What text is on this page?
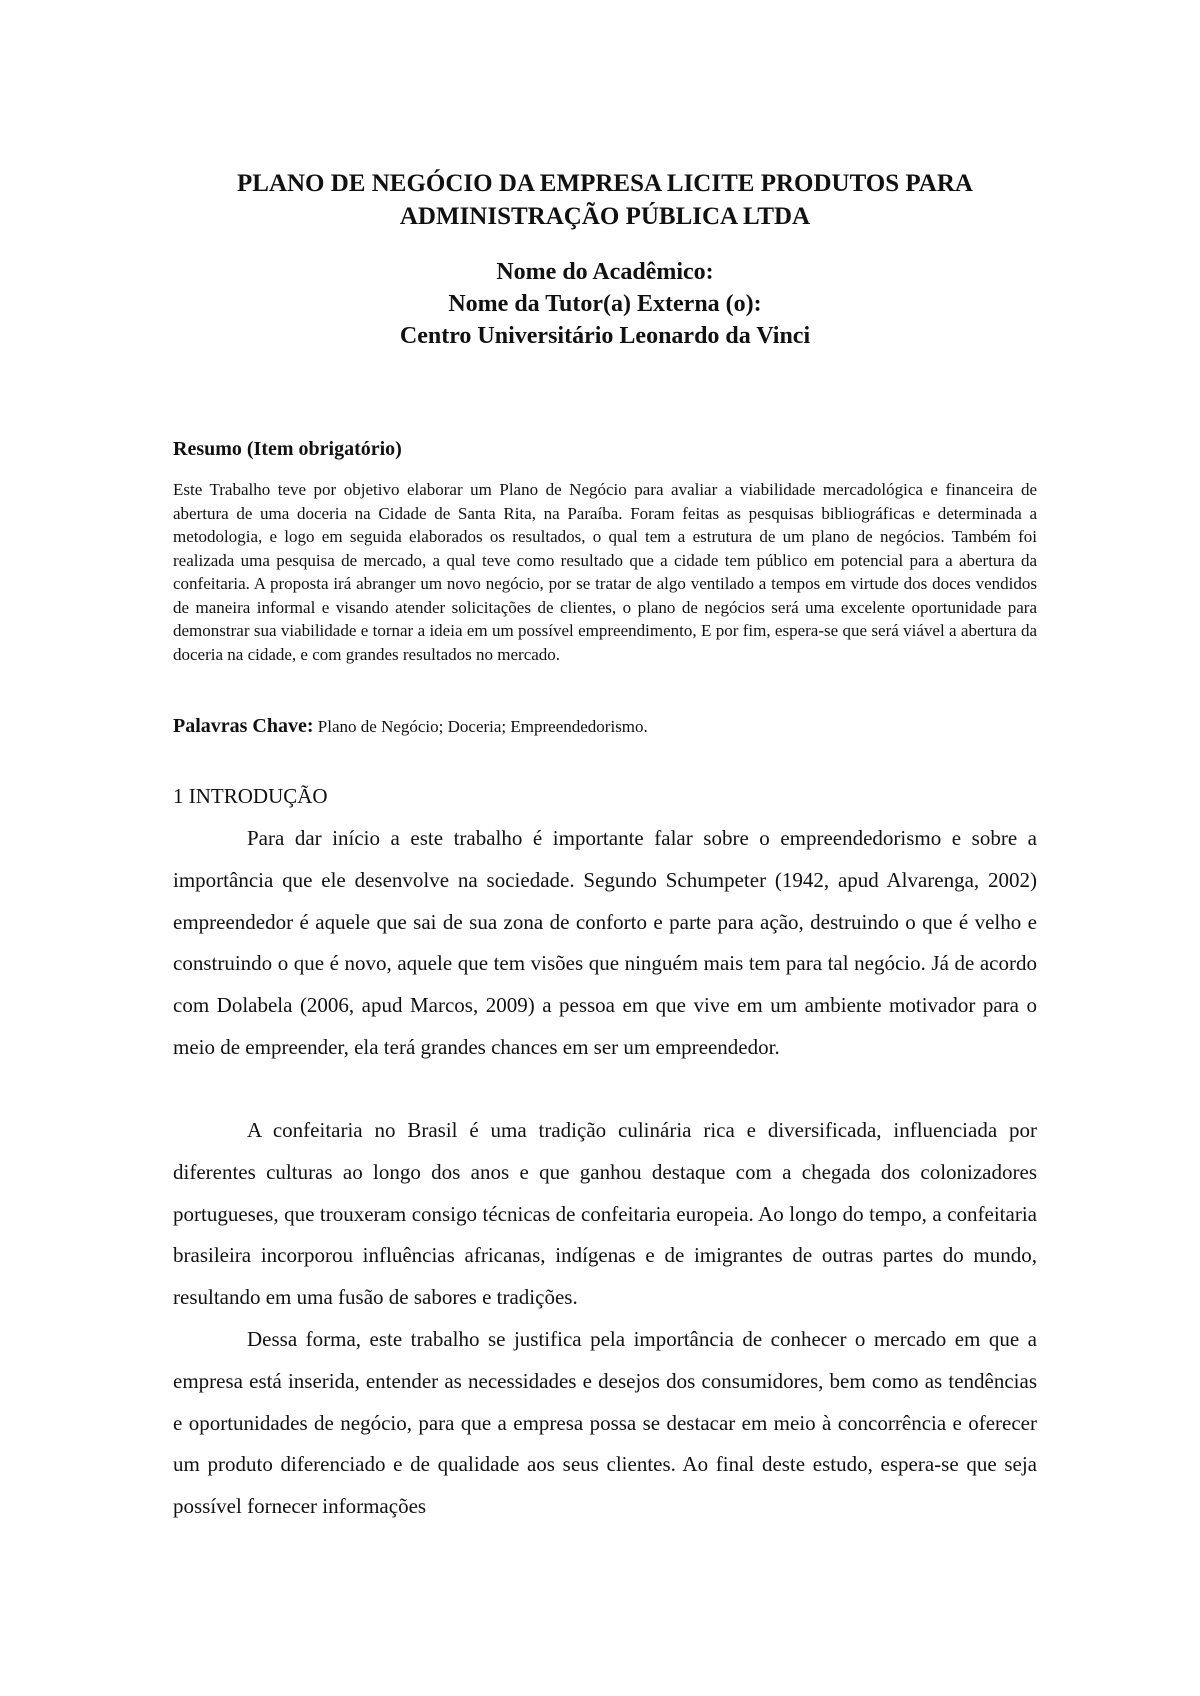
PLANO DE NEGÓCIO DA EMPRESA LICITE PRODUTOS PARA ADMINISTRAÇÃO PÚBLICA LTDA
Nome do Acadêmico:
Nome da Tutor(a) Externa (o):
Centro Universitário Leonardo da Vinci
Resumo (Item obrigatório)

Este Trabalho teve por objetivo elaborar um Plano de Negócio para avaliar a viabilidade mercadológica e financeira de abertura de uma doceria na Cidade de Santa Rita, na Paraíba. Foram feitas as pesquisas bibliográficas e determinada a metodologia, e logo em seguida elaborados os resultados, o qual tem a estrutura de um plano de negócios. Também foi realizada uma pesquisa de mercado, a qual teve como resultado que a cidade tem público em potencial para a abertura da confeitaria. A proposta irá abranger um novo negócio, por se tratar de algo ventilado a tempos em virtude dos doces vendidos de maneira informal e visando atender solicitações de clientes, o plano de negócios será uma excelente oportunidade para demonstrar sua viabilidade e tornar a ideia em um possível empreendimento, E por fim, espera-se que será viável a abertura da doceria na cidade, e com grandes resultados no mercado.

Palavras Chave: Plano de Negócio; Doceria; Empreendedorismo.

1 INTRODUÇÃO

Para dar início a este trabalho é importante falar sobre o empreendedorismo e sobre a importância que ele desenvolve na sociedade. Segundo Schumpeter (1942, apud Alvarenga, 2002) empreendedor é aquele que sai de sua zona de conforto e parte para ação, destruindo o que é velho e construindo o que é novo, aquele que tem visões que ninguém mais tem para tal negócio. Já de acordo com Dolabela (2006, apud Marcos, 2009) a pessoa em que vive em um ambiente motivador para o meio de empreender, ela terá grandes chances em ser um empreendedor.

A confeitaria no Brasil é uma tradição culinária rica e diversificada, influenciada por diferentes culturas ao longo dos anos e que ganhou destaque com a chegada dos colonizadores portugueses, que trouxeram consigo técnicas de confeitaria europeia. Ao longo do tempo, a confeitaria brasileira incorporou influências africanas, indígenas e de imigrantes de outras partes do mundo, resultando em uma fusão de sabores e tradições.

Dessa forma, este trabalho se justifica pela importância de conhecer o mercado em que a empresa está inserida, entender as necessidades e desejos dos consumidores, bem como as tendências e oportunidades de negócio, para que a empresa possa se destacar em meio à concorrência e oferecer um produto diferenciado e de qualidade aos seus clientes. Ao final deste estudo, espera-se que seja possível fornecer informações
